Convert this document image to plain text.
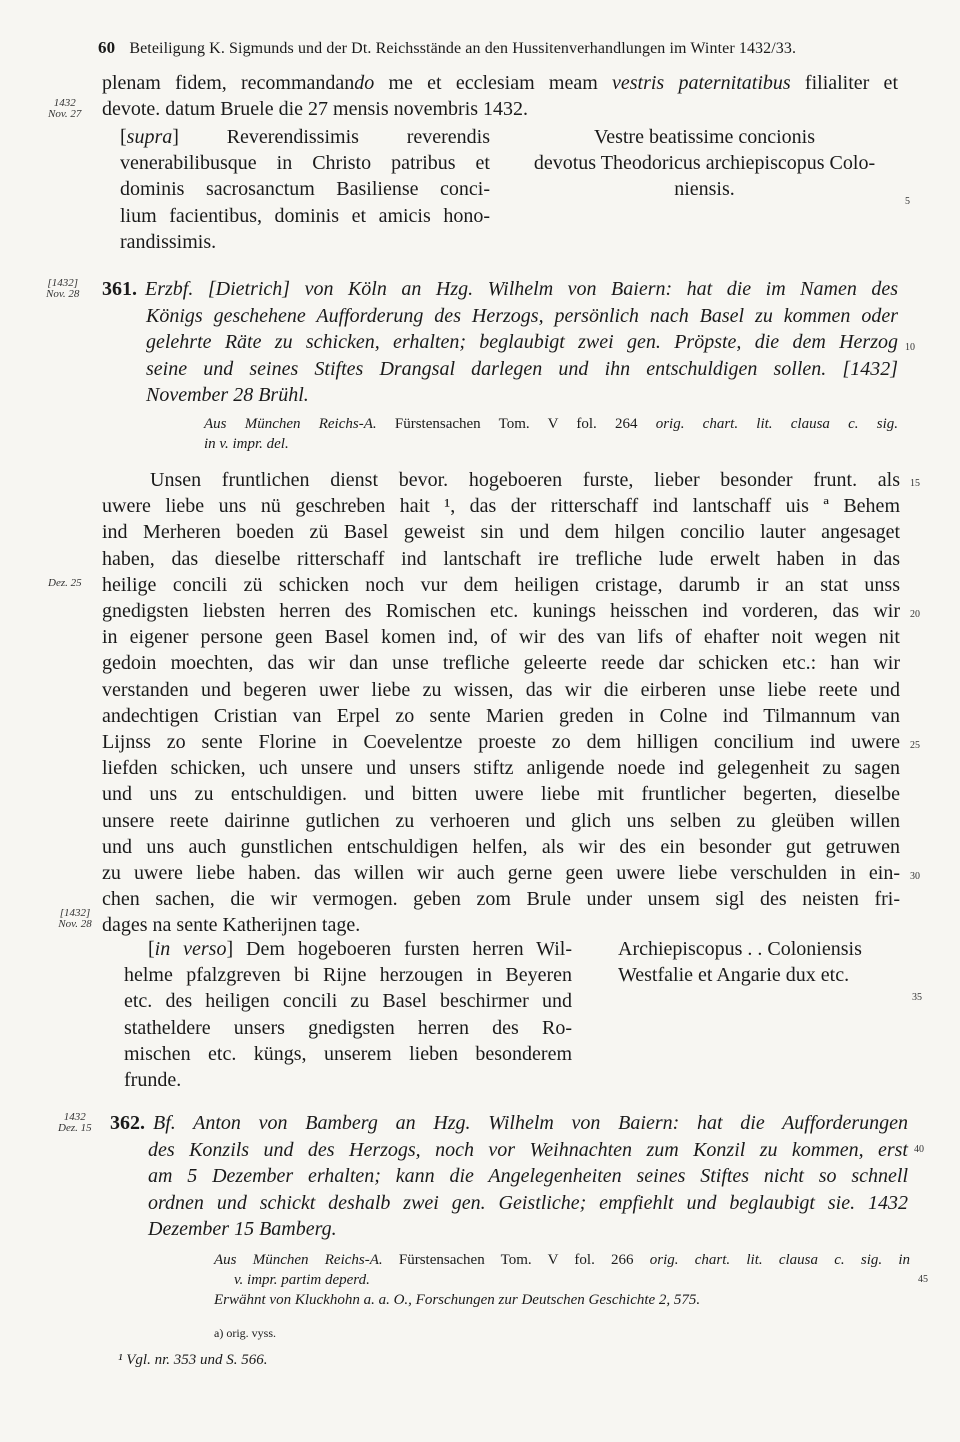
60 Beteiligung K. Sigmunds und der Dt. Reichsstände an den Hussitenverhandlungen im Winter 1432/33.
plenam fidem, recommandando me et ecclesiam meam vestris paternitatibus filialiter et
devote. datum Bruele die 27 mensis novembris 1432.
1432
Nov. 27
[supra] Reverendissimis reverendis
venerabilibusque in Christo patribus et
dominis sacrosanctum Basiliense conci-
lium facientibus, dominis et amicis hono-
randissimis.
Vestre beatissime concionis
devotus Theodoricus archiepiscopus Colo-
niensis.
5
[1432]
Nov. 28 361. Erzbf. [Dietrich] von Köln an Hzg. Wilhelm von Baiern: hat die im Namen des
Königs geschehene Aufforderung des Herzogs, persönlich nach Basel zu kommen oder
gelehrte Räte zu schicken, erhalten; beglaubigt zwei gen. Pröpste, die dem Herzog
seine und seines Stiftes Drangsal darlegen und ihn entschuldigen sollen. [1432]
November 28 Brühl.
10
Aus München Reichs-A. Fürstensachen Tom. V fol. 264 orig. chart. lit. clausa c. sig.
in v. impr. del.
Unsen fruntlichen dienst bevor. hogeboeren furste, lieber besonder frunt. als
uwere liebe uns nü geschreben hait ¹, das der ritterschaff ind lantschaff uis ª Behem
ind Merheren boeden zü Basel geweist sin und dem hilgen concilio lauter angesaget
haben, das dieselbe ritterschaff ind lantschaft ire trefliche lude erwelt haben in das
heilige concili zü schicken noch vur dem heiligen cristage, darumb ir an stat unss
gnedigsten liebsten herren des Romischen etc. kunings heisschen ind vorderen, das wir
in eigener persone geen Basel komen ind, of wir des van lifs of ehafter noit wegen nit
gedoin moechten, das wir dan unse trefliche geleerte reede dar schicken etc.: han wir
verstanden und begeren uwer liebe zu wissen, das wir die eirberen unse liebe reete und
andechtigen Cristian van Erpel zo sente Marien greden in Colne ind Tilmannum van
Lijnss zo sente Florine in Coevelentze proeste zo dem hilligen concilium ind uwere
liefden schicken, uch unsere und unsers stiftz anligende noede ind gelegenheit zu sagen
und uns zu entschuldigen. und bitten uwere liebe mit fruntlicher begerten, dieselbe
unsere reete dairinne gutlichen zu verhoeren und glich uns selben zu gleüben willen
und uns auch gunstlichen entschuldigen helfen, als wir des ein besonder gut getruwen
zu uwere liebe haben. das willen wir auch gerne geen uwere liebe verschulden in ein-
chen sachen, die wir vermogen. geben zom Brule under unsem sigl des neisten fri-
dages na sente Katherijnen tage.
Dez. 25
[1432] Nov. 28
15
20
25
30
[in verso] Dem hogeboeren fursten herren Wil-
helme pfalzgreven bi Rijne herzougen in Beyeren
etc. des heiligen concili zu Basel beschirmer und
statheldere unsers gnedigsten herren des Ro-
mischen etc. küngs, unserem lieben besonderem
frunde.
Archiepiscopus . . Coloniensis
Westfalie et Angarie dux etc.
35
1432
Dez. 15 362. Bf. Anton von Bamberg an Hzg. Wilhelm von Baiern: hat die Aufforderungen
des Konzils und des Herzogs, noch vor Weihnachten zum Konzil zu kommen, erst
am 5 Dezember erhalten; kann die Angelegenheiten seines Stiftes nicht so schnell
ordnen und schickt deshalb zwei gen. Geistliche; empfiehlt und beglaubigt sie. 1432
Dezember 15 Bamberg.
40
Aus München Reichs-A. Fürstensachen Tom. V fol. 266 orig. chart. lit. clausa c. sig. in
v. impr. partim deperd.
Erwähnt von Kluckhohn a. a. O., Forschungen zur Deutschen Geschichte 2, 575.
45
a) orig. vyss.
¹ Vgl. nr. 353 und S. 566.
